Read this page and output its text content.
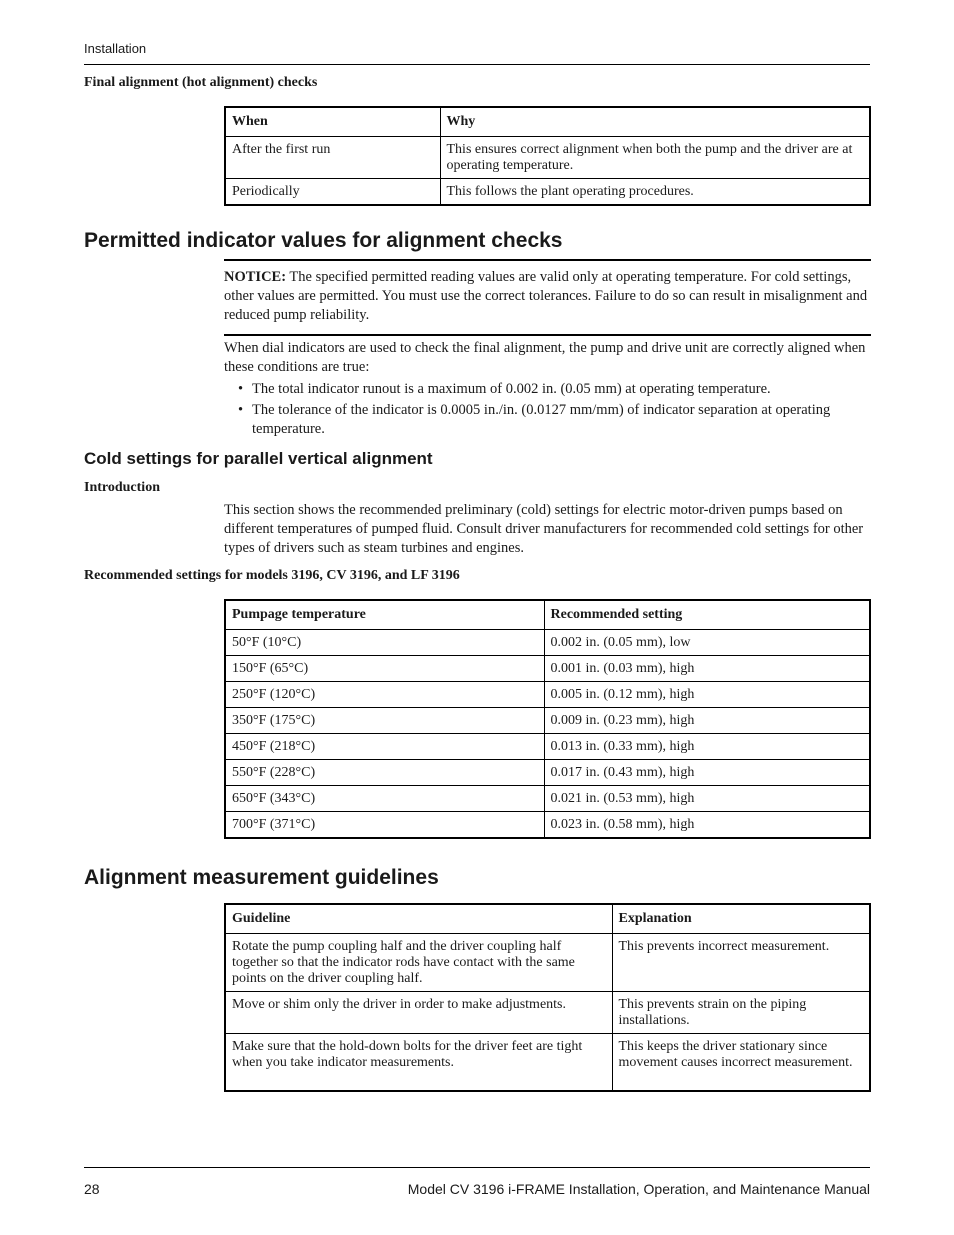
Installation
Final alignment (hot alignment) checks
When	Why
After the first run	This ensures correct alignment when both the pump and the driver are at operating temperature.
Periodically	This follows the plant operating procedures.
Permitted indicator values for alignment checks
NOTICE: The specified permitted reading values are valid only at operating temperature. For cold settings, other values are permitted. You must use the correct tolerances. Failure to do so can result in misalignment and reduced pump reliability.
When dial indicators are used to check the final alignment, the pump and drive unit are correctly aligned when these conditions are true:
• The total indicator runout is a maximum of 0.002 in. (0.05 mm) at operating temperature.
• The tolerance of the indicator is 0.0005 in./in. (0.0127 mm/mm) of indicator separation at operating temperature.
Cold settings for parallel vertical alignment
Introduction
This section shows the recommended preliminary (cold) settings for electric motor-driven pumps based on different temperatures of pumped fluid. Consult driver manufacturers for recommended cold settings for other types of drivers such as steam turbines and engines.
Recommended settings for models 3196, CV 3196, and LF 3196
Pumpage temperature	Recommended setting
50°F (10°C)	0.002 in. (0.05 mm), low
150°F (65°C)	0.001 in. (0.03 mm), high
250°F (120°C)	0.005 in. (0.12 mm), high
350°F (175°C)	0.009 in. (0.23 mm), high
450°F (218°C)	0.013 in. (0.33 mm), high
550°F (228°C)	0.017 in. (0.43 mm), high
650°F (343°C)	0.021 in. (0.53 mm), high
700°F (371°C)	0.023 in. (0.58 mm), high
Alignment measurement guidelines
Guideline	Explanation
Rotate the pump coupling half and the driver coupling half together so that the indicator rods have contact with the same points on the driver coupling half.	This prevents incorrect measurement.
Move or shim only the driver in order to make adjustments.	This prevents strain on the piping installations.
Make sure that the hold-down bolts for the driver feet are tight when you take indicator measurements.	This keeps the driver stationary since movement causes incorrect measurement.
28	Model CV 3196 i-FRAME Installation, Operation, and Maintenance Manual
